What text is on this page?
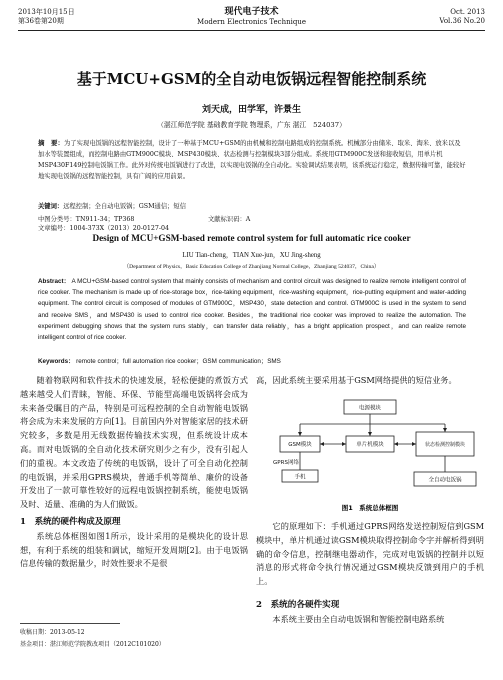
2013年10月15日
第36卷第20期
现代电子技术
Modern Electronics Technique
Oct. 2013
Vol.36 No.20
基于MCU+GSM的全自动电饭锅远程智能控制系统
刘天成，田学军，许景生
（湛江师范学院 基础教育学院 物理系，广东 湛江　524037）
摘　要：为了实现电饭锅的远程智能控制，设计了一种基于MCU+GSM的由机械和控制电路组成的控制系统。机械部分由储米、取米、淘米、放米以及加水等装置组成，而控制电路由GTM900C模块、MSP430模块、状态检测与控制模块3部分组成。系统用GTM900C发送和接收短信，用单片机MSP430F149控制电饭锅工作。此外对传统电饭锅进行了改进，以实现电饭锅的全自动化。实验调试结果表明，该系统运行稳定，数据传输可靠，能较好地实现电饭锅的远程智能控制，具有广阔的应用前景。
关键词：远程控制；全自动电饭锅；GSM通信；短信
中图分类号：TN911-34；TP368	文献标识码：A文章编号：1004-373X（2013）20-0127-04
Design of MCU+GSM-based remote control system for full automatic rice cooker
LIU Tian-cheng，TIAN Xue-jun，XU Jing-sheng
（Department of Physics，Basic Education College of Zhanjiang Normal College，Zhanjiang 524037，China）
Abstract： A MCU+GSM-based control system that mainly consists of mechanism and control circuit was designed to realize remote intelligent control of rice cooker. The mechanism is made up of rice-storage box，rice-taking equipment，rice-washing equipment，rice-putting equipment and water-adding equipment. The control circuit is composed of modules of GTM900C，MSP430，state detection and control. GTM900C is used in the system to send and receive SMS，and MSP430 is used to control rice cooker. Besides，the traditional rice cooker was improved to realize the automation. The experiment debugging shows that the system runs stably，can transfer data reliably，has a bright application prospect，and can realize remote intelligent control of rice cooker.
Keywords： remote control；full automation rice cooker；GSM communication；SMS
随着物联网和软件技术的快速发展，轻松便捷的煮饭方式越来越受人们青睐，智能、环保、节能型高端电饭锅将会成为未来备受瞩目的产品，特别是可远程控制的全自动智能电饭锅将会成为未来发展的方向[1]。目前国内外对智能家居的技术研究较多，多数是用无线数据传输技术实现，但系统设计成本高。而对电饭锅的全自动化技术研究则少之有少，没有引起人们的重视。本文改造了传统的电饭锅，设计了可全自动化控制的电饭锅，并采用GPRS模块，普通手机等简单、廉价的设备开发出了一款可靠性较好的远程电饭锅控制系统，能使电饭锅及时、适量、准确的为人们做饭。
1　系统的硬件构成及原理
系统总体框图如图1所示，设计采用的是模块化的设计思想，有利于系统的组装和调试，缩短开发周期[2]。由于电饭锅信息传输的数据量少，时效性要求不是很
收稿日期：2013-05-12
基金项目：湛江师范学院教改项目（2012C101020）
高，因此系统主要采用基于GSM网络提供的短信业务。
电源模块
GSM模块	单片机模块	状态检测控制模块
GPRS网络
手机	全自动电饭锅
图1　系统总体框图
它的原理如下：手机通过GPRS网络发送控制短信到GSM模块中，单片机通过读GSM模块取得控制命令字并解析得到明确的命令信息，控制继电器动作，完成对电饭锅的控制并以短消息的形式将命令执行情况通过GSM模块反馈到用户的手机上。
2　系统的各硬件实现
本系统主要由全自动电饭锅和智能控制电路系统
